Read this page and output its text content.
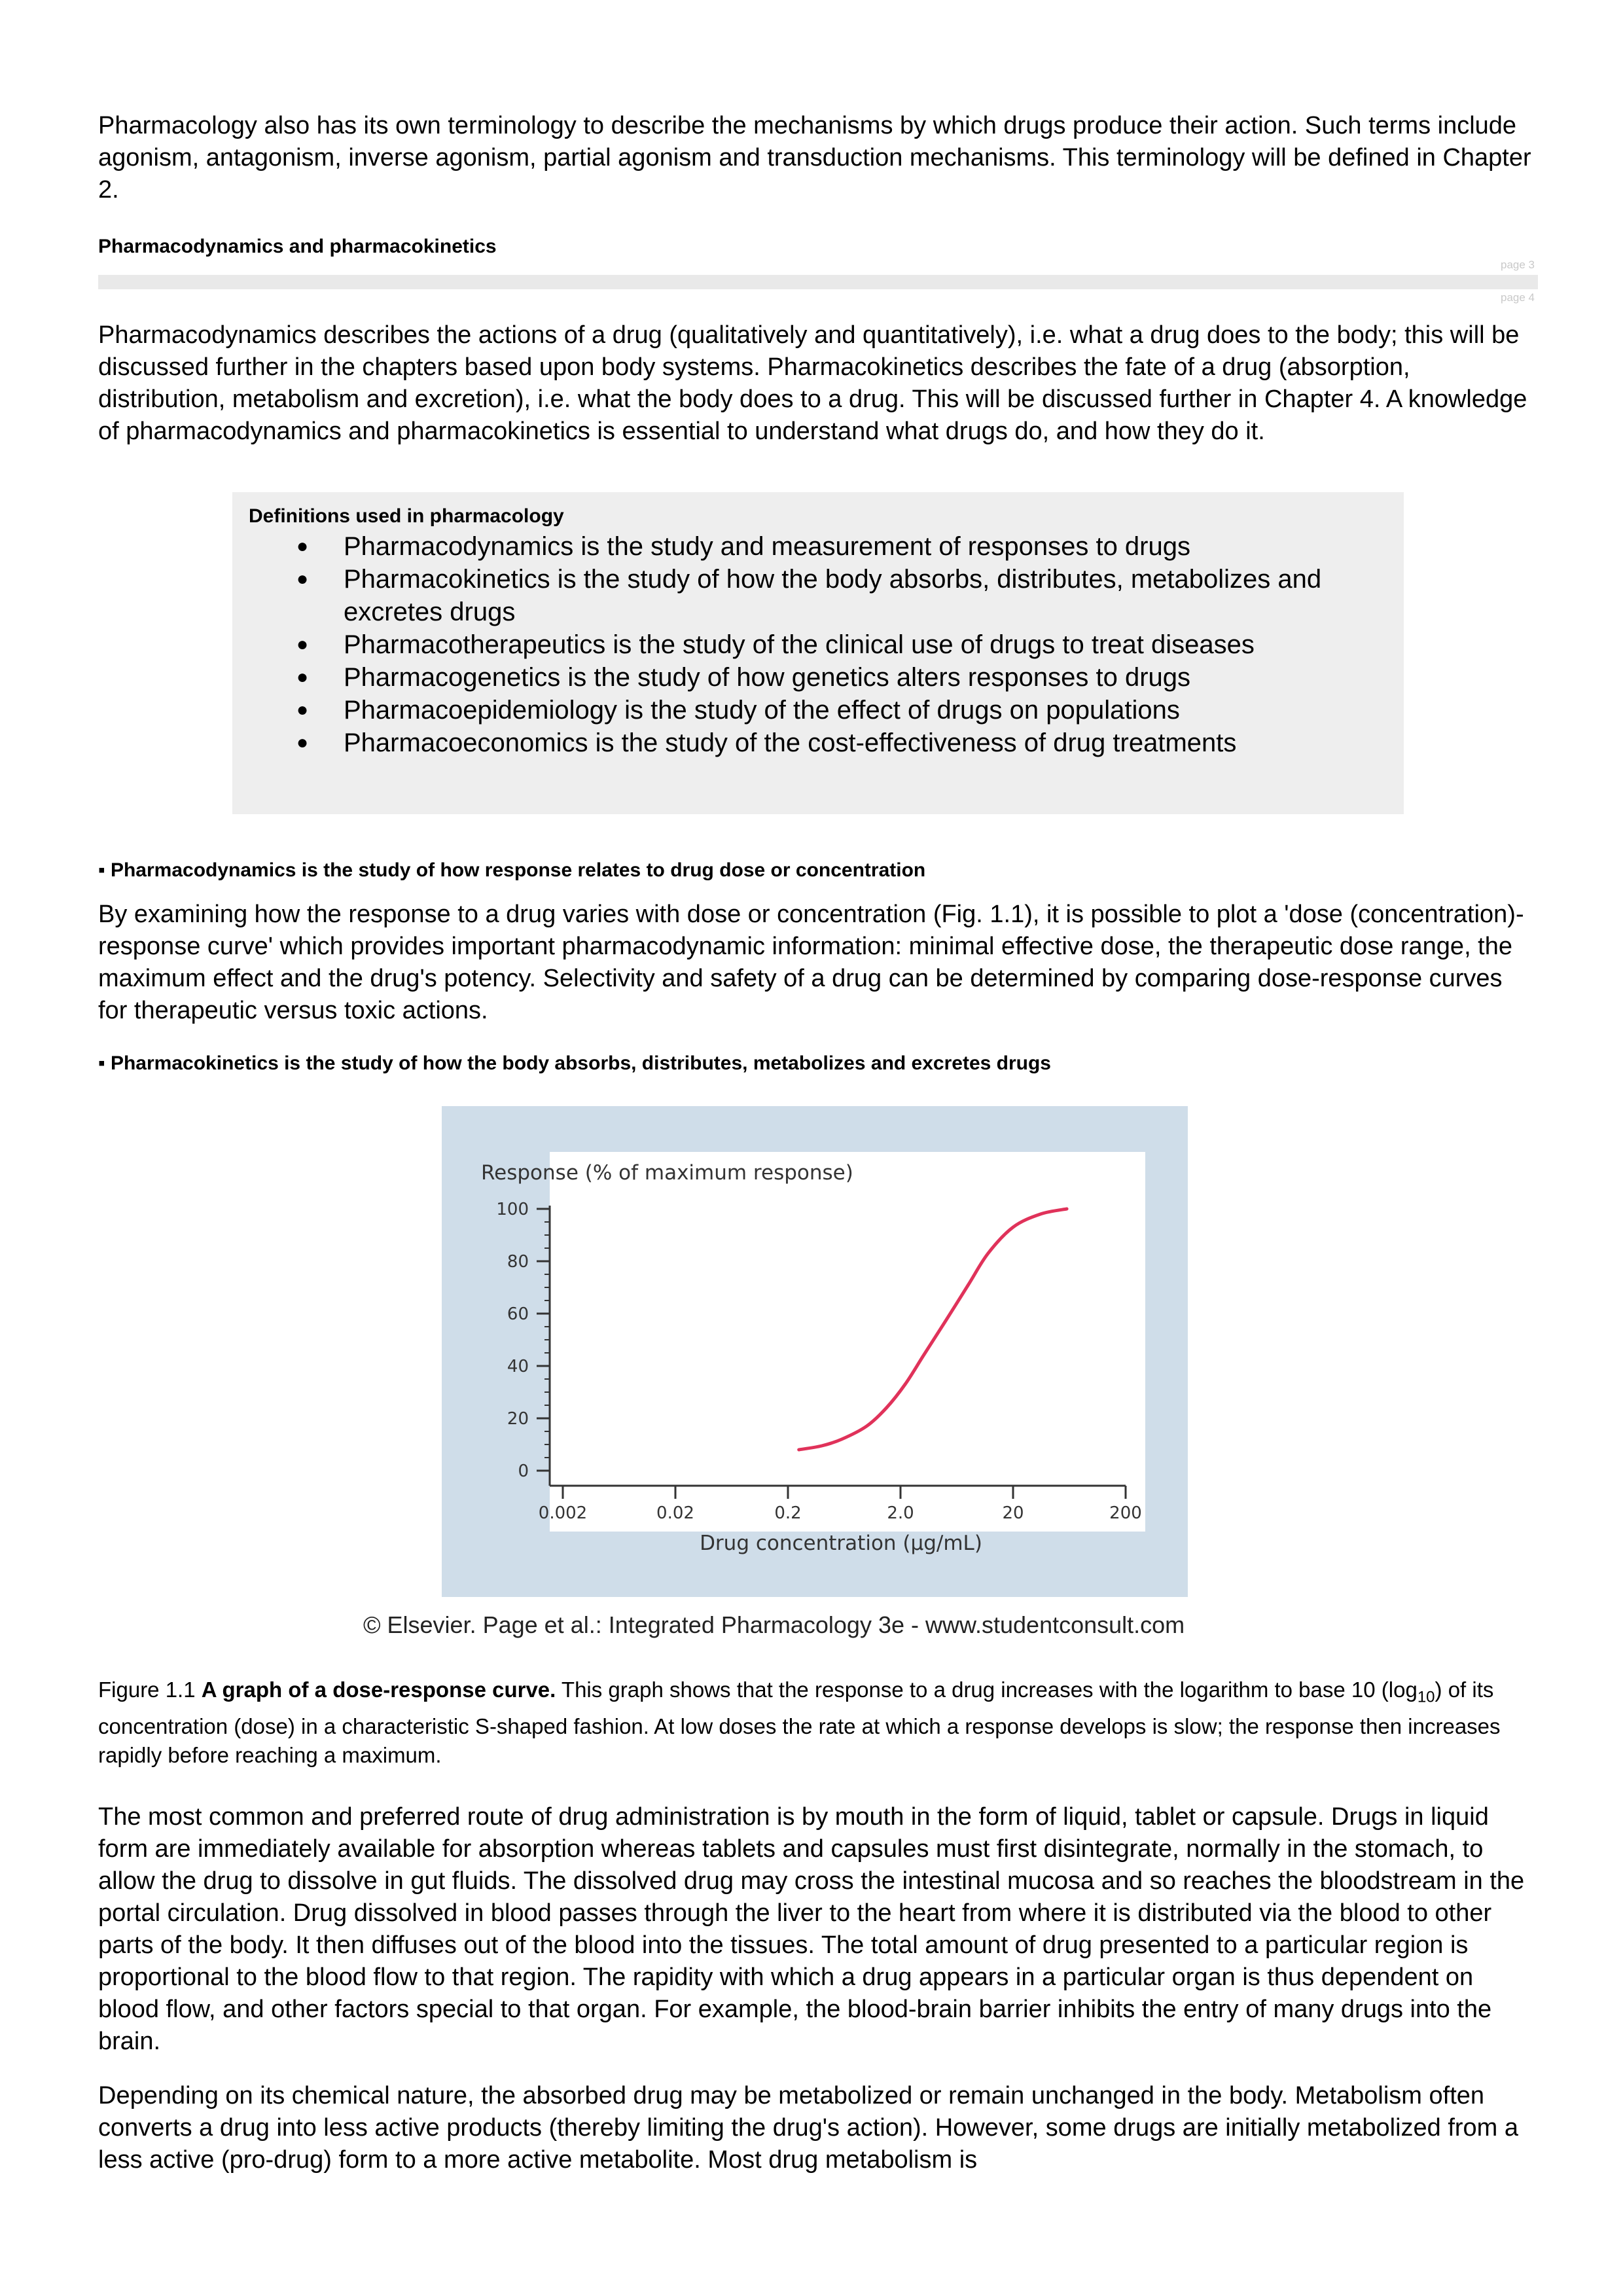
Pharmacology also has its own terminology to describe the mechanisms by which drugs produce their action. Such terms include agonism, antagonism, inverse agonism, partial agonism and transduction mechanisms. This terminology will be defined in Chapter 2.

Pharmacodynamics and pharmacokinetics

page 3
page 4

Pharmacodynamics describes the actions of a drug (qualitatively and quantitatively), i.e. what a drug does to the body; this will be discussed further in the chapters based upon body systems. Pharmacokinetics describes the fate of a drug (absorption, distribution, metabolism and excretion), i.e. what the body does to a drug. This will be discussed further in Chapter 4. A knowledge of pharmacodynamics and pharmacokinetics is essential to understand what drugs do, and how they do it.

Definitions used in pharmacology
● Pharmacodynamics is the study and measurement of responses to drugs
● Pharmacokinetics is the study of how the body absorbs, distributes, metabolizes and excretes drugs
● Pharmacotherapeutics is the study of the clinical use of drugs to treat diseases
● Pharmacogenetics is the study of how genetics alters responses to drugs
● Pharmacoepidemiology is the study of the effect of drugs on populations
● Pharmacoeconomics is the study of the cost-effectiveness of drug treatments

▪ Pharmacodynamics is the study of how response relates to drug dose or concentration

By examining how the response to a drug varies with dose or concentration (Fig. 1.1), it is possible to plot a 'dose (concentration)-response curve' which provides important pharmacodynamic information: minimal effective dose, the therapeutic dose range, the maximum effect and the drug's potency. Selectivity and safety of a drug can be determined by comparing dose-response curves for therapeutic versus toxic actions.

▪ Pharmacokinetics is the study of how the body absorbs, distributes, metabolizes and excretes drugs

Response (% of maximum response)
Drug concentration (μg/mL)
0
20
40
60
80
100
0.002	0.02	0.2	2.0	20	200
© Elsevier. Page et al.: Integrated Pharmacology 3e - www.studentconsult.com

Figure 1.1 A graph of a dose-response curve. This graph shows that the response to a drug increases with the logarithm to base 10 $(\log_{10})$ of its concentration (dose) in a characteristic S-shaped fashion. At low doses the rate at which a response develops is slow; the response then increases rapidly before reaching a maximum.

The most common and preferred route of drug administration is by mouth in the form of liquid, tablet or capsule. Drugs in liquid form are immediately available for absorption whereas tablets and capsules must first disintegrate, normally in the stomach, to allow the drug to dissolve in gut fluids. The dissolved drug may cross the intestinal mucosa and so reaches the bloodstream in the portal circulation. Drug dissolved in blood passes through the liver to the heart from where it is distributed via the blood to other parts of the body. It then diffuses out of the blood into the tissues. The total amount of drug presented to a particular region is proportional to the blood flow to that region. The rapidity with which a drug appears in a particular organ is thus dependent on blood flow, and other factors special to that organ. For example, the blood-brain barrier inhibits the entry of many drugs into the brain.

Depending on its chemical nature, the absorbed drug may be metabolized or remain unchanged in the body. Metabolism often converts a drug into less active products (thereby limiting the drug's action). However, some drugs are initially metabolized from a less active (pro-drug) form to a more active metabolite. Most drug metabolism is
